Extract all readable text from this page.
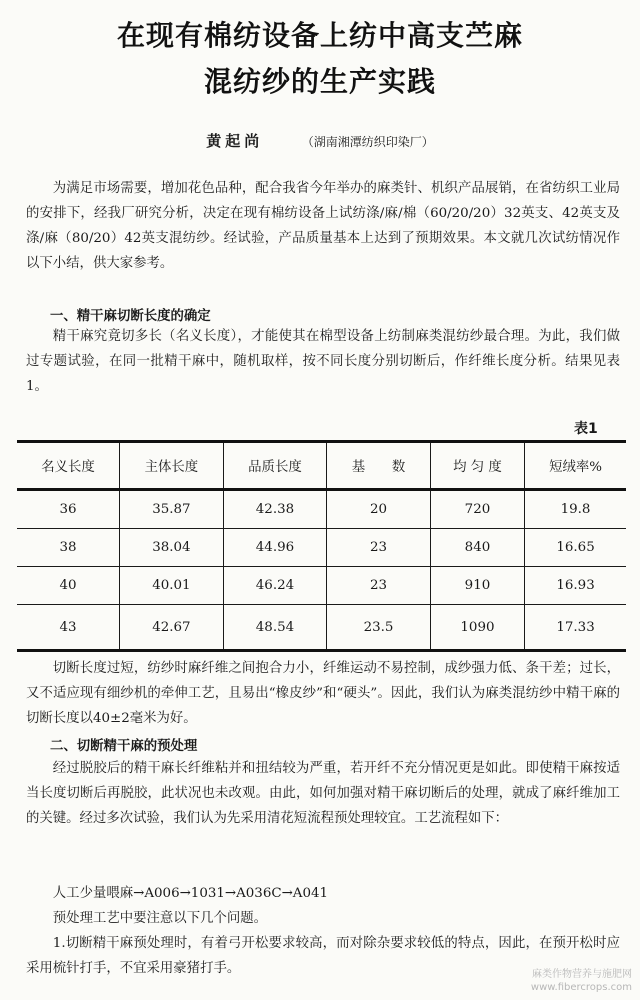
在现有棉纺设备上纺中高支苎麻
混纺纱的生产实践
黄起尚	（湖南湘潭纺织印染厂）
为满足市场需要，增加花色品种，配合我省今年举办的麻类针、机织产品展销，在省纺织工业局的安排下，经我厂研究分析，决定在现有棉纺设备上试纺涤/麻/棉（60/20/20）32英支、42英支及涤/麻（80/20）42英支混纺纱。经试验，产品质量基本上达到了预期效果。本文就几次试纺情况作以下小结，供大家参考。
一、精干麻切断长度的确定
精干麻究竟切多长（名义长度），才能使其在棉型设备上纺制麻类混纺纱最合理。为此，我们做过专题试验，在同一批精干麻中，随机取样，按不同长度分别切断后，作纤维长度分析。结果见表1。
表1
名义长度	主体长度	品质长度	基　　数	均 匀 度	短绒率%
36	35.87	42.38	20	720	19.8
38	38.04	44.96	23	840	16.65
40	40.01	46.24	23	910	16.93
43	42.67	48.54	23.5	1090	17.33
切断长度过短，纺纱时麻纤维之间抱合力小，纤维运动不易控制，成纱强力低、条干差；过长，又不适应现有细纱机的牵伸工艺，且易出“橡皮纱”和“硬头”。因此，我们认为麻类混纺纱中精干麻的切断长度以40±2毫米为好。
二、切断精干麻的预处理
经过脱胶后的精干麻长纤维粘并和扭结较为严重，若开纤不充分情况更是如此。即使精干麻按适当长度切断后再脱胶，此状况也未改观。由此，如何加强对精干麻切断后的处理，就成了麻纤维加工的关键。经过多次试验，我们认为先采用清花短流程预处理较宜。工艺流程如下：
人工少量喂麻→A006→1031→A036C→A041
预处理工艺中要注意以下几个问题。
1.切断精干麻预处理时，有着弓开松要求较高，而对除杂要求较低的特点，因此，在预开松时应采用梳针打手，不宜采用豪猪打手。	麻类作物营养与施肥网
www.fibercrops.com
